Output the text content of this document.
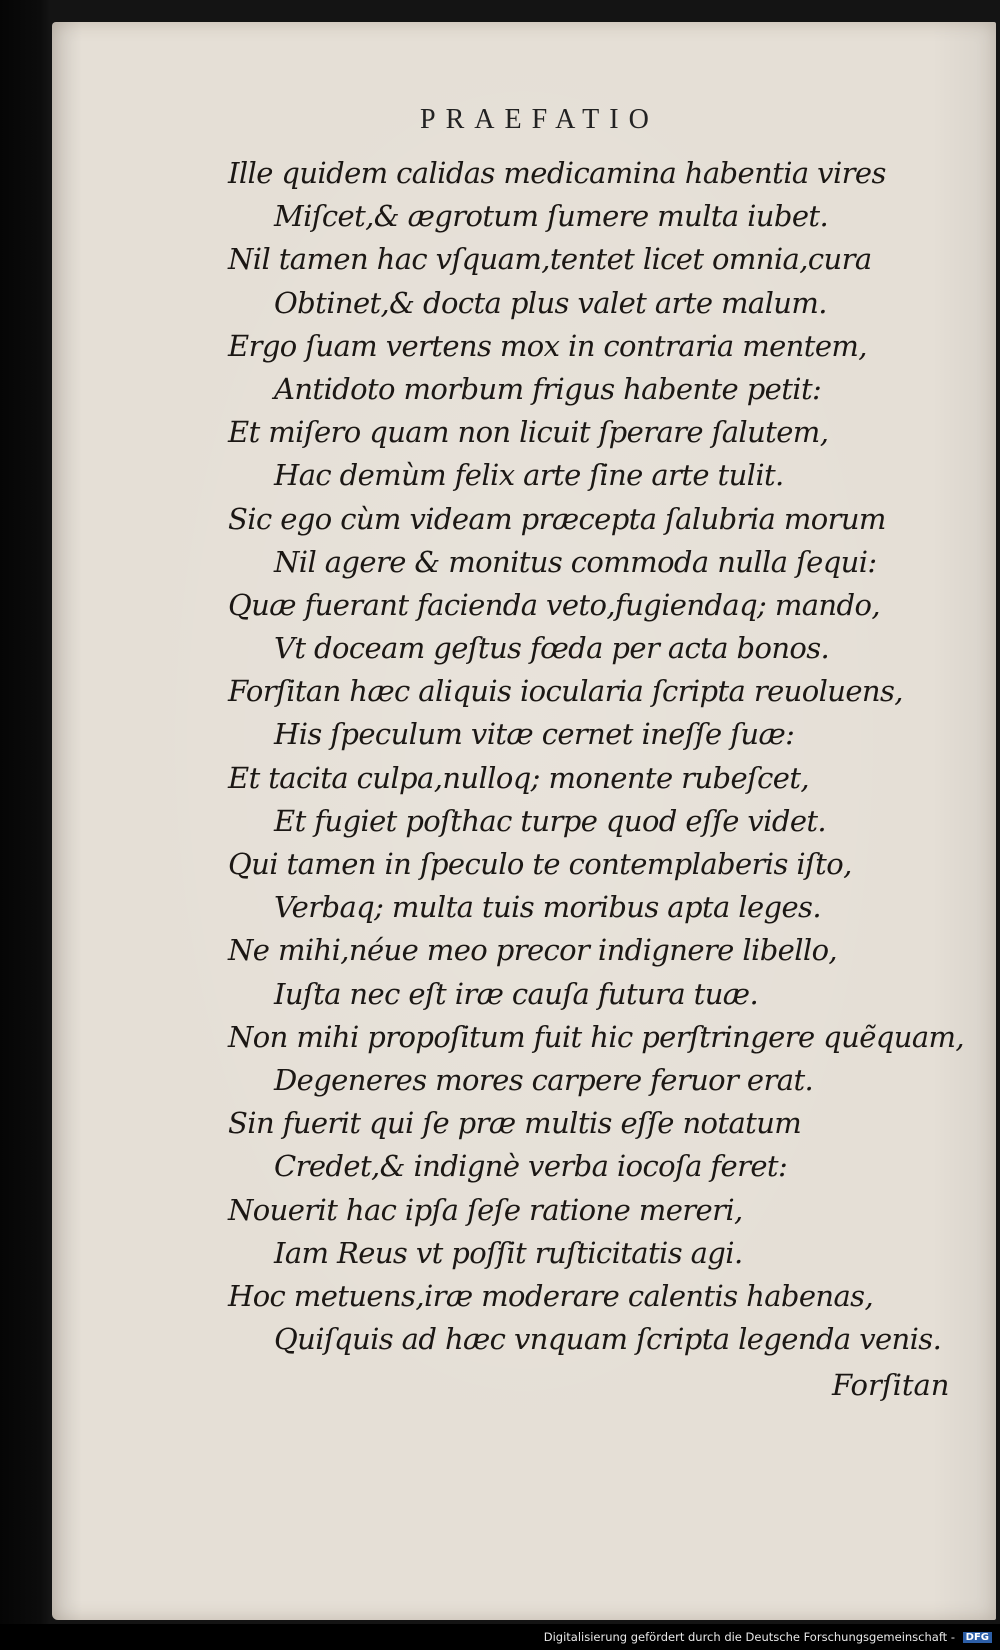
PRAEFATIO
Ille quidem calidas medicamina habentia vires
Miſcet,& ægrotum ſumere multa iubet.
Nil tamen hac vſquam,tentet licet omnia,cura
Obtinet,& docta plus valet arte malum.
Ergo ſuam vertens mox in contraria mentem,
Antidoto morbum frigus habente petit:
Et miſero quam non licuit ſperare ſalutem,
Hac demùm felix arte ſine arte tulit.
Sic ego cùm videam præcepta ſalubria morum
Nil agere & monitus commoda nulla ſequi:
Quæ fuerant facienda veto,fugiendaq; mando,
Vt doceam geſtus fœda per acta bonos.
Forſitan hæc aliquis iocularia ſcripta reuoluens,
His ſpeculum vitæ cernet ineſſe ſuæ:
Et tacita culpa,nulloq; monente rubeſcet,
Et fugiet poſthac turpe quod eſſe videt.
Qui tamen in ſpeculo te contemplaberis iſto,
Verbaq; multa tuis moribus apta leges.
Ne mihi,néue meo precor indignere libello,
Iuſta nec eſt iræ cauſa futura tuæ.
Non mihi propoſitum fuit hic perſtringere quẽquam,
Degeneres mores carpere feruor erat.
Sin fuerit qui ſe præ multis eſſe notatum
Credet,& indignè verba iocoſa feret:
Nouerit hac ipſa ſeſe ratione mereri,
Iam Reus vt poſſit ruſticitatis agi.
Hoc metuens,iræ moderare calentis habenas,
Quiſquis ad hæc vnquam ſcripta legenda venis.
Forſitan
Digitalisierung gefördert durch die Deutsche Forschungsgemeinschaft - DFG
